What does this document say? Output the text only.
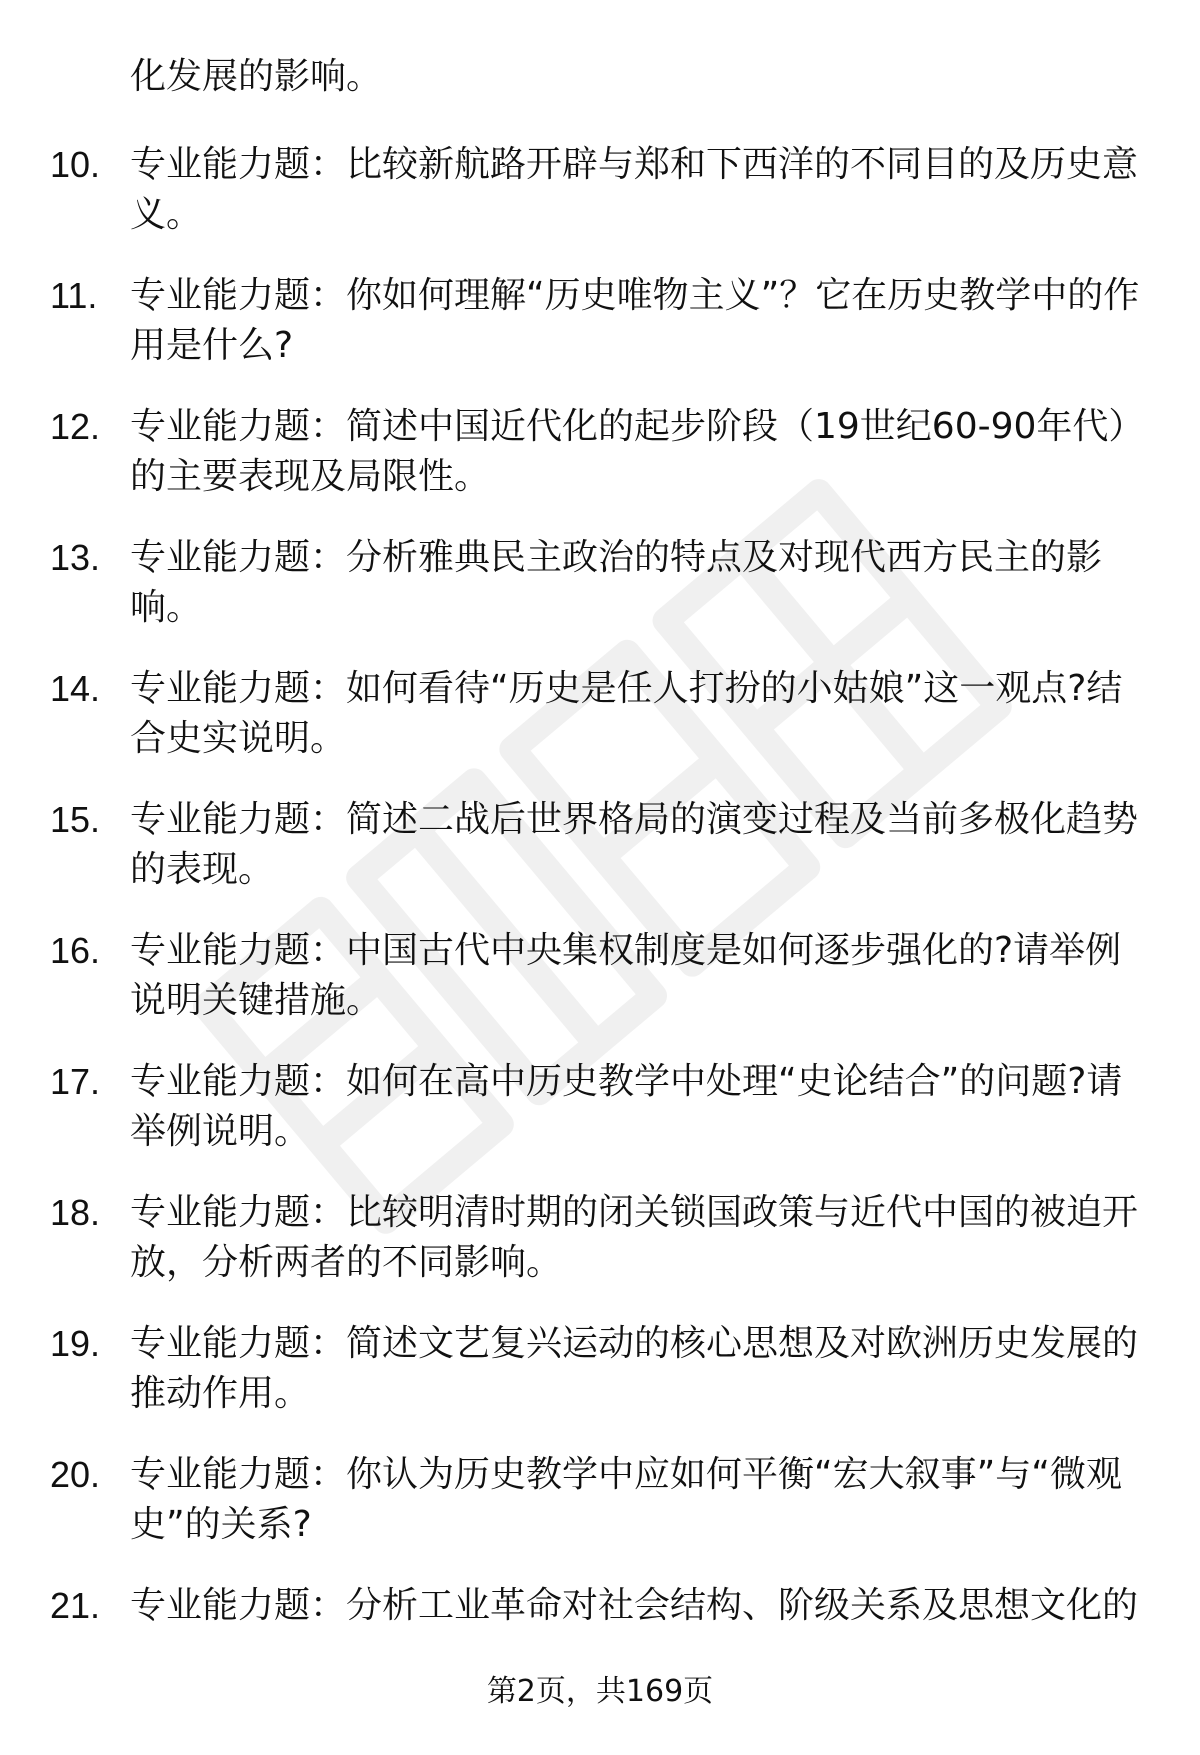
化发展的影响。
10. 专业能力题：比较新航路开辟与郑和下西洋的不同目的及历史意义。
11. 专业能力题：你如何理解“历史唯物主义”？它在历史教学中的作用是什么?
12. 专业能力题：简述中国近代化的起步阶段（19世纪60-90年代）的主要表现及局限性。
13. 专业能力题：分析雅典民主政治的特点及对现代西方民主的影响。
14. 专业能力题：如何看待“历史是任人打扮的小姑娘”这一观点?结合史实说明。
15. 专业能力题：简述二战后世界格局的演变过程及当前多极化趋势的表现。
16. 专业能力题：中国古代中央集权制度是如何逐步强化的?请举例说明关键措施。
17. 专业能力题：如何在高中历史教学中处理“史论结合”的问题?请举例说明。
18. 专业能力题：比较明清时期的闭关锁国政策与近代中国的被迫开放，分析两者的不同影响。
19. 专业能力题：简述文艺复兴运动的核心思想及对欧洲历史发展的推动作用。
20. 专业能力题：你认为历史教学中应如何平衡“宏大叙事”与“微观史”的关系?
21. 专业能力题：分析工业革命对社会结构、阶级关系及思想文化的
第2页，共169页
